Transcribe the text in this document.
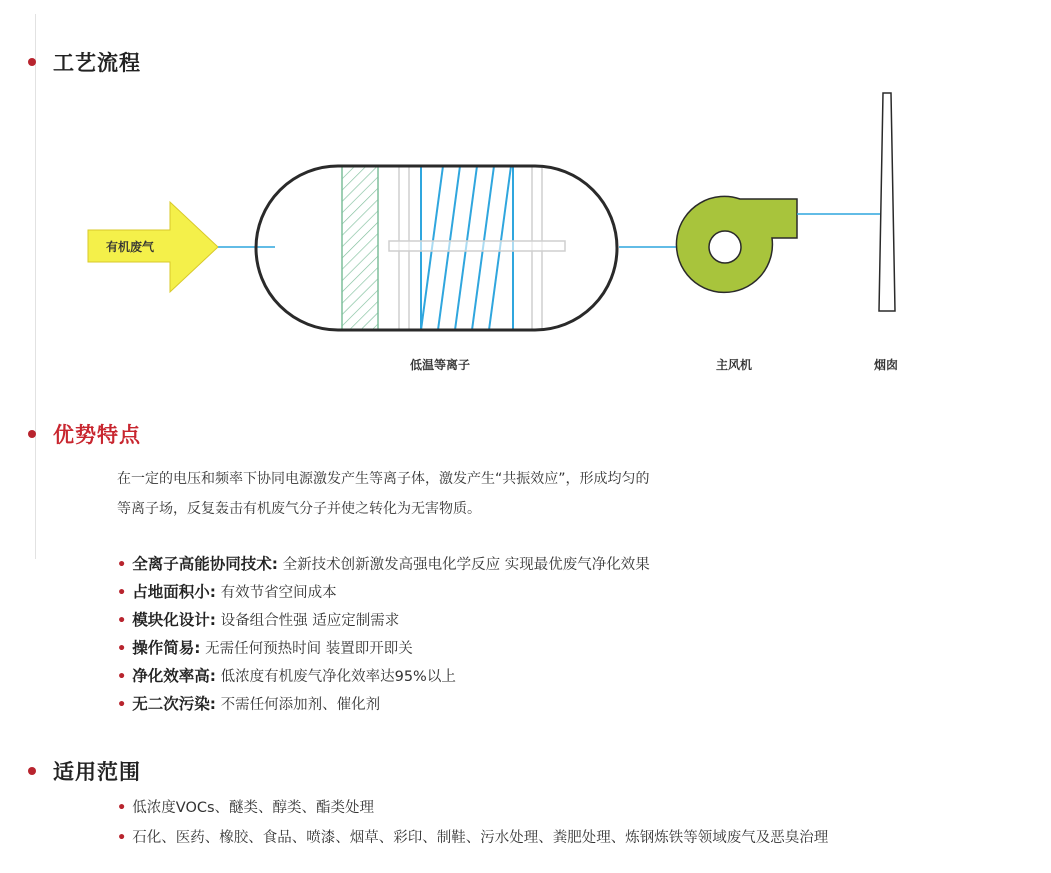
工艺流程
有机废气
低温等离子	主风机	烟囱
优势特点
在一定的电压和频率下协同电源激发产生等离子体，激发产生“共振效应”，形成均匀的
等离子场，反复轰击有机废气分子并使之转化为无害物质。
• 全离子高能协同技术: 全新技术创新激发高强电化学反应 实现最优废气净化效果
• 占地面积小: 有效节省空间成本
• 模块化设计: 设备组合性强 适应定制需求
• 操作简易: 无需任何预热时间 装置即开即关
• 净化效率高: 低浓度有机废气净化效率达95%以上
• 无二次污染: 不需任何添加剂、催化剂
适用范围
• 低浓度VOCs、醚类、醇类、酯类处理
• 石化、医药、橡胶、食品、喷漆、烟草、彩印、制鞋、污水处理、粪肥处理、炼钢炼铁等领域废气及恶臭治理
